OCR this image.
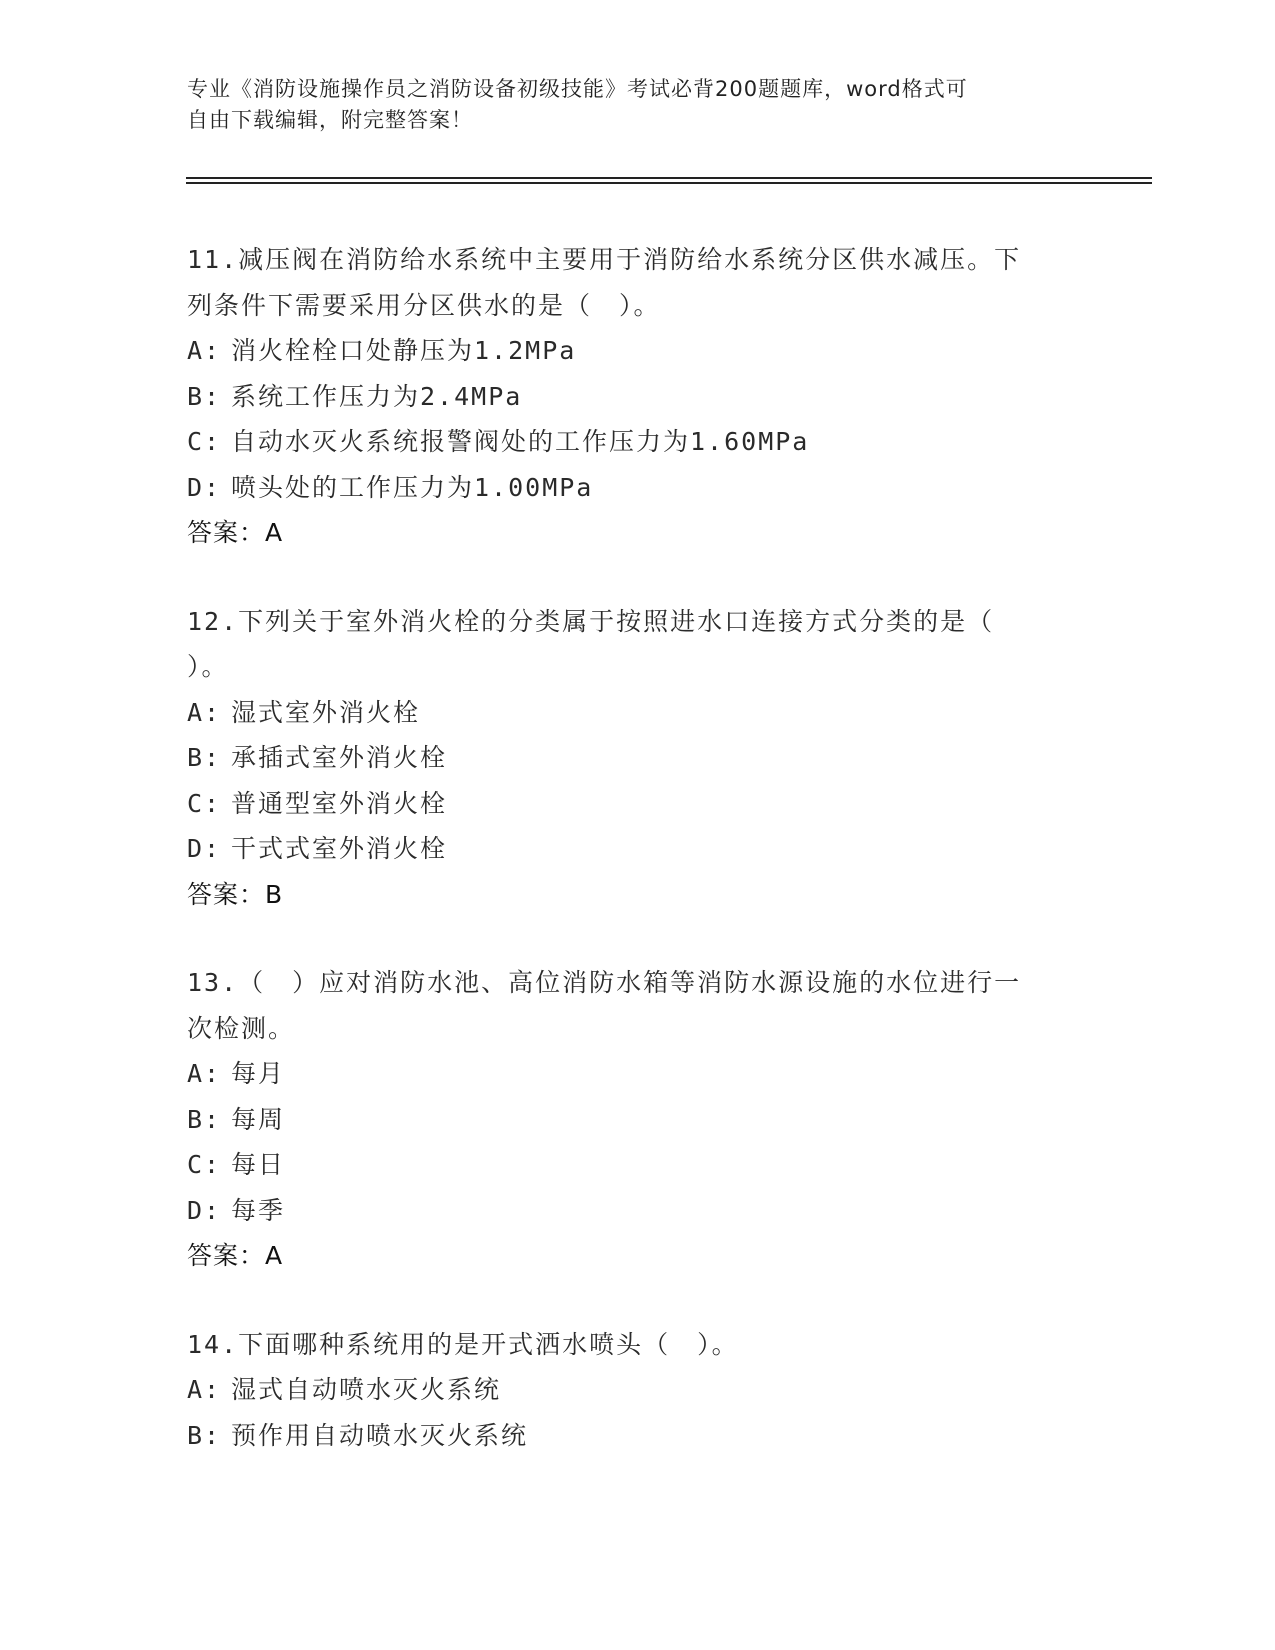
专业《消防设施操作员之消防设备初级技能》考试必背200题题库，word格式可
自由下载编辑，附完整答案！

11.减压阀在消防给水系统中主要用于消防给水系统分区供水减压。下

列条件下需要采用分区供水的是（　）。

A: 消火栓栓口处静压为1.2MPa

B: 系统工作压力为2.4MPa

C: 自动水灭火系统报警阀处的工作压力为1.60MPa

D: 喷头处的工作压力为1.00MPa

答案：A

12.下列关于室外消火栓的分类属于按照进水口连接方式分类的是（

）。

A: 湿式室外消火栓

B: 承插式室外消火栓

C: 普通型室外消火栓

D: 干式式室外消火栓

答案：B

13.（　）应对消防水池、高位消防水箱等消防水源设施的水位进行一

次检测。

A: 每月

B: 每周

C: 每日

D: 每季

答案：A

14.下面哪种系统用的是开式洒水喷头（　）。

A: 湿式自动喷水灭火系统

B: 预作用自动喷水灭火系统
